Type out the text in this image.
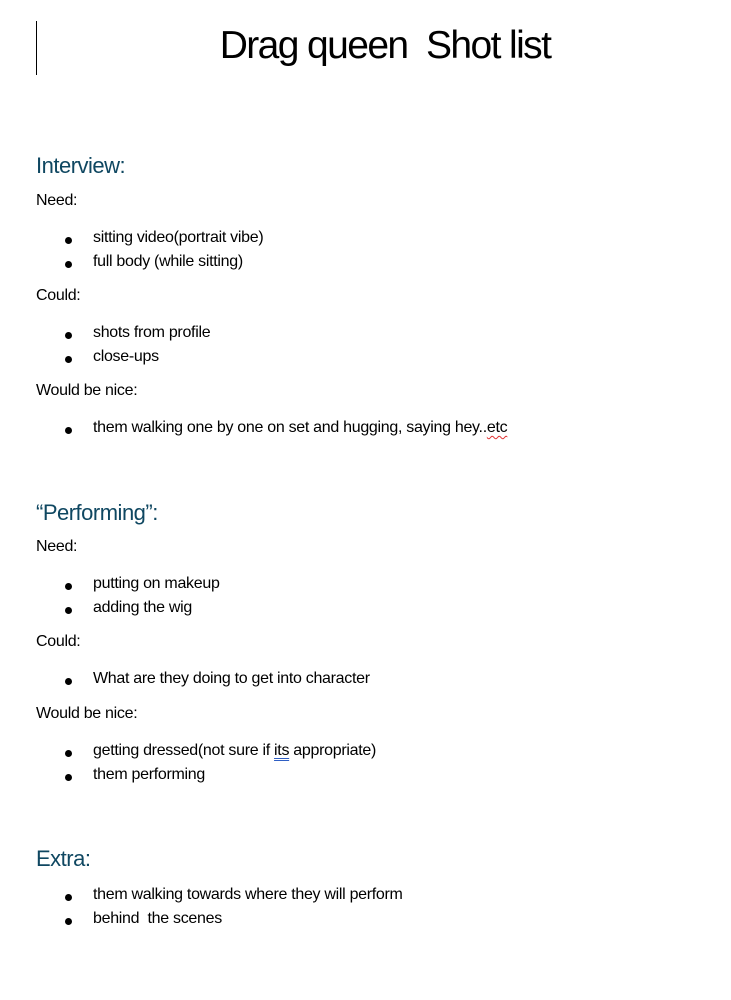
Drag queen  Shot list
Interview:
Need:
sitting video(portrait vibe)
full body (while sitting)
Could:
shots from profile
close-ups
Would be nice:
them walking one by one on set and hugging, saying hey..etc
“Performing”:
Need:
putting on makeup
adding the wig
Could:
What are they doing to get into character
Would be nice:
getting dressed(not sure if its appropriate)
them performing
Extra:
them walking towards where they will perform
behind  the scenes
